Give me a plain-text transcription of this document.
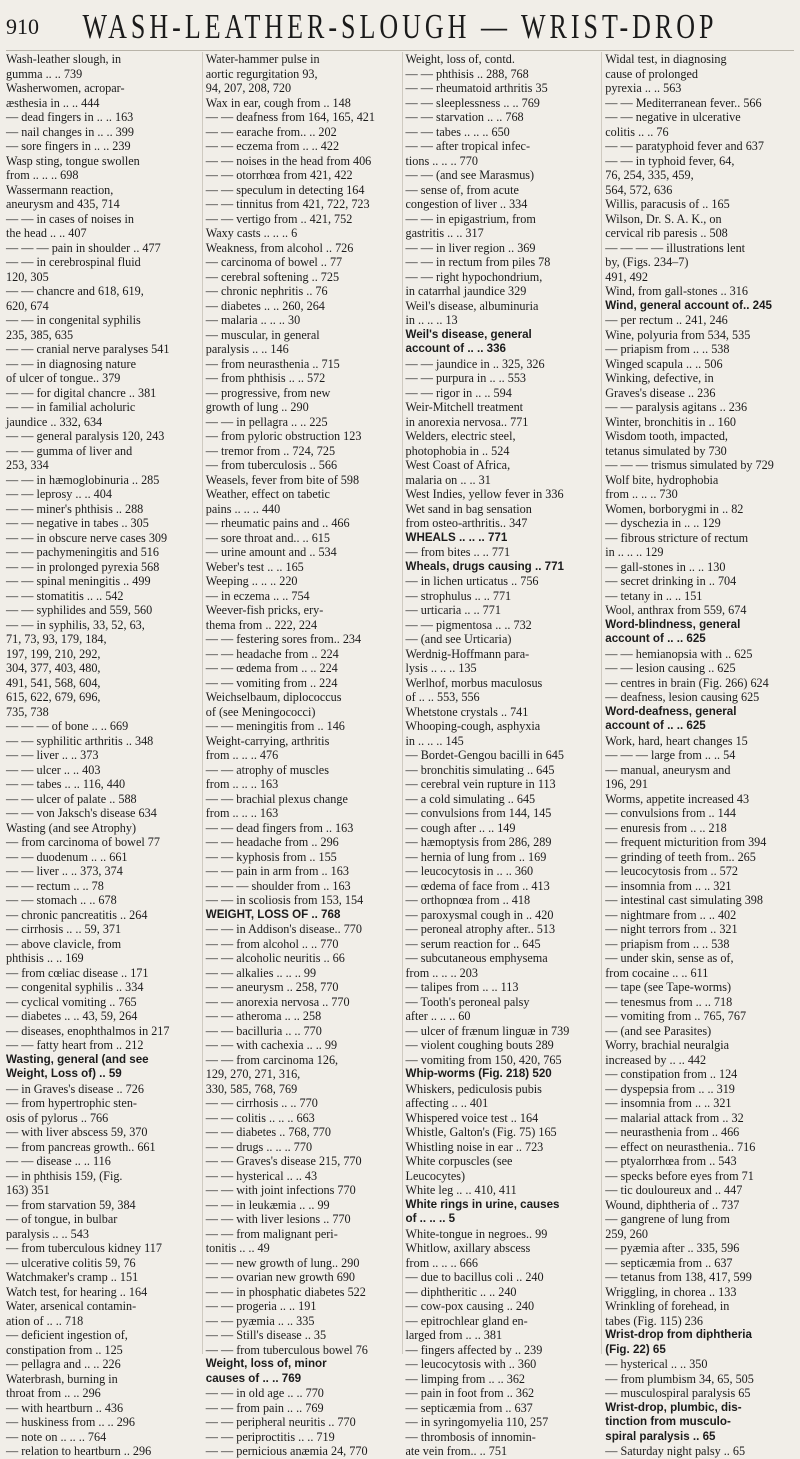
910	WASH-LEATHER-SLOUGH — WRIST-DROP
Wash-leather slough, in
gumma .. .. 739
Washerwomen, acropar-
æsthesia in .. .. 444
— dead fingers in .. .. 163
— nail changes in .. .. 399
— sore fingers in .. .. 239
Wasp sting, tongue swollen
from .. .. .. 698
Wassermann reaction,
aneurysm and 435, 714
— — in cases of noises in
the head .. .. 407
— — — pain in shoulder .. 477
— — in cerebrospinal fluid
120, 305
— — chancre and 618, 619,
620, 674
— — in congenital syphilis
235, 385, 635
— — cranial nerve paralyses 541
— — in diagnosing nature
of ulcer of tongue.. 379
— — for digital chancre .. 381
— — in familial acholuric
jaundice .. 332, 634
— — general paralysis 120, 243
— — gumma of liver and
253, 334
— — in hæmoglobinuria .. 285
— — leprosy .. .. 404
— — miner's phthisis .. 288
— — negative in tabes .. 305
— — in obscure nerve cases 309
— — pachymeningitis and 516
— — in prolonged pyrexia 568
— — spinal meningitis .. 499
— — stomatitis .. .. 542
— — syphilides and 559, 560
— — in syphilis, 33, 52, 63,
71, 73, 93, 179, 184,
197, 199, 210, 292,
304, 377, 403, 480,
491, 541, 568, 604,
615, 622, 679, 696,
735, 738
— — — of bone .. .. 669
— — syphilitic arthritis .. 348
— — liver .. .. 373
— — ulcer .. .. 403
— — tabes .. .. 116, 440
— — ulcer of palate .. 588
— — von Jaksch's disease 634
Wasting (and see Atrophy)
— from carcinoma of bowel 77
— — duodenum .. .. 661
— — liver .. .. 373, 374
— — rectum .. .. 78
— — stomach .. .. 678
— chronic pancreatitis .. 264
— cirrhosis .. .. 59, 371
— above clavicle, from
phthisis .. .. 169
— from cœliac disease .. 171
— congenital syphilis .. 334
— cyclical vomiting .. 765
— diabetes .. .. 43, 59, 264
— diseases, enophthalmos in 217
— — fatty heart from .. 212
Wasting, general (and see
Weight, Loss of) .. 59
— in Graves's disease .. 726
— from hypertrophic sten-
osis of pylorus .. 766
— with liver abscess 59, 370
— from pancreas growth.. 661
— — disease .. .. 116
— in phthisis 159, (Fig.
163) 351
— from starvation 59, 384
— of tongue, in bulbar
paralysis .. .. 543
— from tuberculous kidney 117
— ulcerative colitis 59, 76
Watchmaker's cramp .. 151
Watch test, for hearing .. 164
Water, arsenical contamin-
ation of .. .. 718
— deficient ingestion of,
constipation from .. 125
— pellagra and .. .. 226
Waterbrash, burning in
throat from .. .. 296
— with heartburn .. 436
— huskiness from .. .. 296
— note on .. .. .. 764
— relation to heartburn .. 296
Water-hammer pulse in
aortic regurgitation 93,
94, 207, 208, 720
Wax in ear, cough from .. 148
— — deafness from 164, 165, 421
— — earache from.. .. 202
— — eczema from .. .. 422
— — noises in the head from 406
— — otorrhœa from 421, 422
— — speculum in detecting 164
— — tinnitus from 421, 722, 723
— — vertigo from .. 421, 752
Waxy casts .. .. .. 6
Weakness, from alcohol .. 726
— carcinoma of bowel .. 77
— cerebral softening .. 725
— chronic nephritis .. 76
— diabetes .. .. 260, 264
— malaria .. .. .. 30
— muscular, in general
paralysis .. .. 146
— from neurasthenia .. 715
— from phthisis .. .. 572
— progressive, from new
growth of lung .. 290
— — in pellagra .. .. 225
— from pyloric obstruction 123
— tremor from .. 724, 725
— from tuberculosis .. 566
Weasels, fever from bite of 598
Weather, effect on tabetic
pains .. .. .. 440
— rheumatic pains and .. 466
— sore throat and.. .. 615
— urine amount and .. 534
Weber's test .. .. 165
Weeping .. .. .. 220
— in eczema .. .. 754
Weever-fish pricks, ery-
thema from .. 222, 224
— — festering sores from.. 234
— — headache from .. 224
— — œdema from .. .. 224
— — vomiting from .. 224
Weichselbaum, diplococcus
of (see Meningococci)
— — meningitis from .. 146
Weight-carrying, arthritis
from .. .. .. 476
— — atrophy of muscles
from .. .. .. 163
— — brachial plexus change
from .. .. .. 163
— — dead fingers from .. 163
— — headache from .. 296
— — kyphosis from .. 155
— — pain in arm from .. 163
— — — shoulder from .. 163
— — in scoliosis from 153, 154
WEIGHT, LOSS OF .. 768
— — in Addison's disease.. 770
— — from alcohol .. .. 770
— — alcoholic neuritis .. 66
— — alkalies .. .. .. 99
— — aneurysm .. 258, 770
— — anorexia nervosa .. 770
— — atheroma .. .. 258
— — bacilluria .. .. 770
— — with cachexia .. .. 99
— — from carcinoma 126,
129, 270, 271, 316,
330, 585, 768, 769
— — cirrhosis .. .. 770
— — colitis .. .. .. 663
— — diabetes .. 768, 770
— — drugs .. .. .. 770
— — Graves's disease 215, 770
— — hysterical .. .. 43
— — with joint infections 770
— — in leukæmia .. .. 99
— — with liver lesions .. 770
— — from malignant peri-
tonitis .. .. 49
— — new growth of lung.. 290
— — ovarian new growth 690
— — in phosphatic diabetes 522
— — progeria .. .. 191
— — pyæmia .. .. 335
— — Still's disease .. 35
— — from tuberculous bowel 76
Weight, loss of, minor
causes of .. .. 769
— — in old age .. .. 770
— — from pain .. .. 769
— — peripheral neuritis .. 770
— — periproctitis .. .. 719
— — pernicious anæmia 24, 770
Weight, loss of, contd.
— — phthisis .. 288, 768
— — rheumatoid arthritis 35
— — sleeplessness .. .. 769
— — starvation .. .. 768
— — tabes .. .. .. 650
— — after tropical infec-
tions .. .. .. 770
— — (and see Marasmus)
— sense of, from acute
congestion of liver .. 334
— — in epigastrium, from
gastritis .. .. 317
— — in liver region .. 369
— — in rectum from piles 78
— — right hypochondrium,
in catarrhal jaundice 329
Weil's disease, albuminuria
in .. .. .. 13
Weil's disease, general
account of .. .. 336
— — jaundice in .. 325, 326
— — purpura in .. .. 553
— — rigor in .. .. 594
Weir-Mitchell treatment
in anorexia nervosa.. 771
Welders, electric steel,
photophobia in .. 524
West Coast of Africa,
malaria on .. .. 31
West Indies, yellow fever in 336
Wet sand in bag sensation
from osteo-arthritis.. 347
WHEALS .. .. .. 771
— from bites .. .. 771
Wheals, drugs causing .. 771
— in lichen urticatus .. 756
— strophulus .. .. 771
— urticaria .. .. 771
— — pigmentosa .. .. 732
— (and see Urticaria)
Werdnig-Hoffmann para-
lysis .. .. .. 135
Werlhof, morbus maculosus
of .. .. 553, 556
Whetstone crystals .. 741
Whooping-cough, asphyxia
in .. .. .. 145
— Bordet-Gengou bacilli in 645
— bronchitis simulating .. 645
— cerebral vein rupture in 113
— a cold simulating .. 645
— convulsions from 144, 145
— cough after .. .. 149
— hæmoptysis from 286, 289
— hernia of lung from .. 169
— leucocytosis in .. .. 360
— œdema of face from .. 413
— orthopnœa from .. 418
— paroxysmal cough in .. 420
— peroneal atrophy after.. 513
— serum reaction for .. 645
— subcutaneous emphysema
from .. .. .. 203
— talipes from .. .. 113
— Tooth's peroneal palsy
after .. .. .. 60
— ulcer of frænum linguæ in 739
— violent coughing bouts 289
— vomiting from 150, 420, 765
Whip-worms (Fig. 218) 520
Whiskers, pediculosis pubis
affecting .. .. 401
Whispered voice test .. 164
Whistle, Galton's (Fig. 75) 165
Whistling noise in ear .. 723
White corpuscles (see
Leucocytes)
White leg .. .. 410, 411
White rings in urine, causes
of .. .. .. 5
White-tongue in negroes.. 99
Whitlow, axillary abscess
from .. .. .. 666
— due to bacillus coli .. 240
— diphtheritic .. .. 240
— cow-pox causing .. 240
— epitrochlear gland en-
larged from .. .. 381
— fingers affected by .. 239
— leucocytosis with .. 360
— limping from .. .. 362
— pain in foot from .. 362
— septicæmia from .. 637
— in syringomyelia 110, 257
— thrombosis of innomin-
ate vein from.. .. 751
Widal test, in diagnosing
cause of prolonged
pyrexia .. .. 563
— — Mediterranean fever.. 566
— — negative in ulcerative
colitis .. .. 76
— — paratyphoid fever and 637
— — in typhoid fever, 64,
76, 254, 335, 459,
564, 572, 636
Willis, paracusis of .. 165
Wilson, Dr. S. A. K., on
cervical rib paresis .. 508
— — — — illustrations lent
by, (Figs. 234–7)
491, 492
Wind, from gall-stones .. 316
Wind, general account of.. 245
— per rectum .. 241, 246
Wine, polyuria from 534, 535
— priapism from .. .. 538
Winged scapula .. .. 506
Winking, defective, in
Graves's disease .. 236
— — paralysis agitans .. 236
Winter, bronchitis in .. 160
Wisdom tooth, impacted,
tetanus simulated by 730
— — — trismus simulated by 729
Wolf bite, hydrophobia
from .. .. .. 730
Women, borborygmi in .. 82
— dyschezia in .. .. 129
— fibrous stricture of rectum
in .. .. .. 129
— gall-stones in .. .. 130
— secret drinking in .. 704
— tetany in .. .. 151
Wool, anthrax from 559, 674
Word-blindness, general
account of .. .. 625
— — hemianopsia with .. 625
— — lesion causing .. 625
— centres in brain (Fig. 266) 624
— deafness, lesion causing 625
Word-deafness, general
account of .. .. 625
Work, hard, heart changes 15
— — — large from .. .. 54
— manual, aneurysm and
196, 291
Worms, appetite increased 43
— convulsions from .. 144
— enuresis from .. .. 218
— frequent micturition from 394
— grinding of teeth from.. 265
— leucocytosis from .. 572
— insomnia from .. .. 321
— intestinal cast simulating 398
— nightmare from .. .. 402
— night terrors from .. 321
— priapism from .. .. 538
— under skin, sense as of,
from cocaine .. .. 611
— tape (see Tape-worms)
— tenesmus from .. .. 718
— vomiting from .. 765, 767
— (and see Parasites)
Worry, brachial neuralgia
increased by .. .. 442
— constipation from .. 124
— dyspepsia from .. .. 319
— insomnia from .. .. 321
— malarial attack from .. 32
— neurasthenia from .. 466
— effect on neurasthenia.. 716
— ptyalorrhœa from .. 543
— specks before eyes from 71
— tic douloureux and .. 447
Wound, diphtheria of .. 737
— gangrene of lung from
259, 260
— pyæmia after .. 335, 596
— septicæmia from .. 637
— tetanus from 138, 417, 599
Wriggling, in chorea .. 133
Wrinkling of forehead, in
tabes (Fig. 115) 236
Wrist-drop from diphtheria
(Fig. 22) 65
— hysterical .. .. 350
— from plumbism 34, 65, 505
— musculospiral paralysis 65
Wrist-drop, plumbic, dis-
tinction from musculo-
spiral paralysis .. 65
— Saturday night palsy .. 65
